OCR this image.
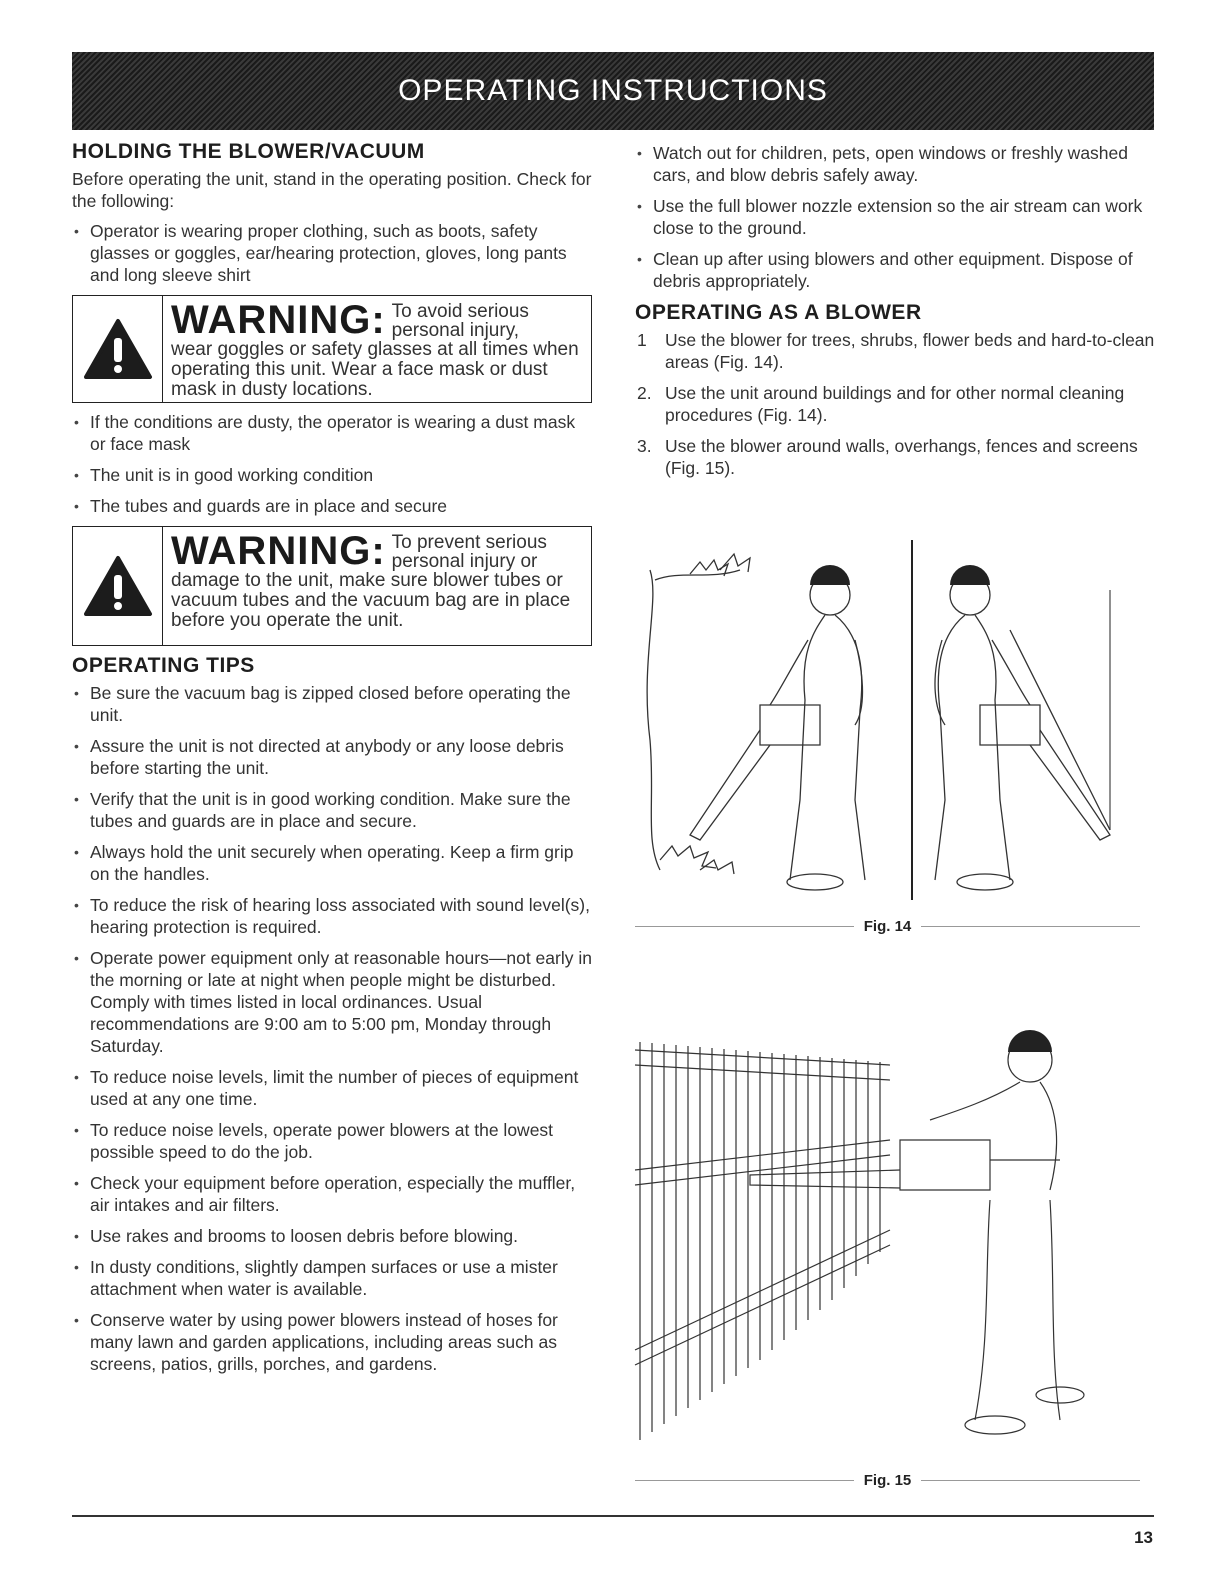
OPERATING INSTRUCTIONS
HOLDING THE BLOWER/VACUUM

Before operating the unit, stand in the operating position. Check for the following:

• Operator is wearing proper clothing, such as boots, safety glasses or goggles, ear/hearing protection, gloves, long pants and long sleeve shirt
WARNING: To avoid serious personal injury,
wear goggles or safety glasses at all times when operating this unit. Wear a face mask or dust mask in dusty locations.
• If the conditions are dusty, the operator is wearing a dust mask or face mask
• The unit is in good working condition
• The tubes and guards are in place and secure
WARNING: To prevent serious personal injury or
damage to the unit, make sure blower tubes or vacuum tubes and the vacuum bag are in place before you operate the unit.
OPERATING TIPS
• Be sure the vacuum bag is zipped closed before operating the unit.
• Assure the unit is not directed at anybody or any loose debris before starting the unit.
• Verify that the unit is in good working condition. Make sure the tubes and guards are in place and secure.
• Always hold the unit securely when operating. Keep a firm grip on the handles.
• To reduce the risk of hearing loss associated with sound level(s), hearing protection is required.
• Operate power equipment only at reasonable hours—not early in the morning or late at night when people might be disturbed. Comply with times listed in local ordinances. Usual recommendations are 9:00 am to 5:00 pm, Monday through Saturday.
• To reduce noise levels, limit the number of pieces of equipment used at any one time.
• To reduce noise levels, operate power blowers at the lowest possible speed to do the job.
• Check your equipment before operation, especially the muffler, air intakes and air filters.
• Use rakes and brooms to loosen debris before blowing.
• In dusty conditions, slightly dampen surfaces or use a mister attachment when water is available.
• Conserve water by using power blowers instead of hoses for many lawn and garden applications, including areas such as screens, patios, grills, porches, and gardens.
• Watch out for children, pets, open windows or freshly washed cars, and blow debris safely away.
• Use the full blower nozzle extension so the air stream can work close to the ground.
• Clean up after using blowers and other equipment. Dispose of debris appropriately.
OPERATING AS A BLOWER
1 Use the blower for trees, shrubs, flower beds and hard-to-clean areas (Fig. 14).
2. Use the unit around buildings and for other normal cleaning procedures (Fig. 14).
3. Use the blower around walls, overhangs, fences and screens (Fig. 15).
Fig. 14
Fig. 15
13
